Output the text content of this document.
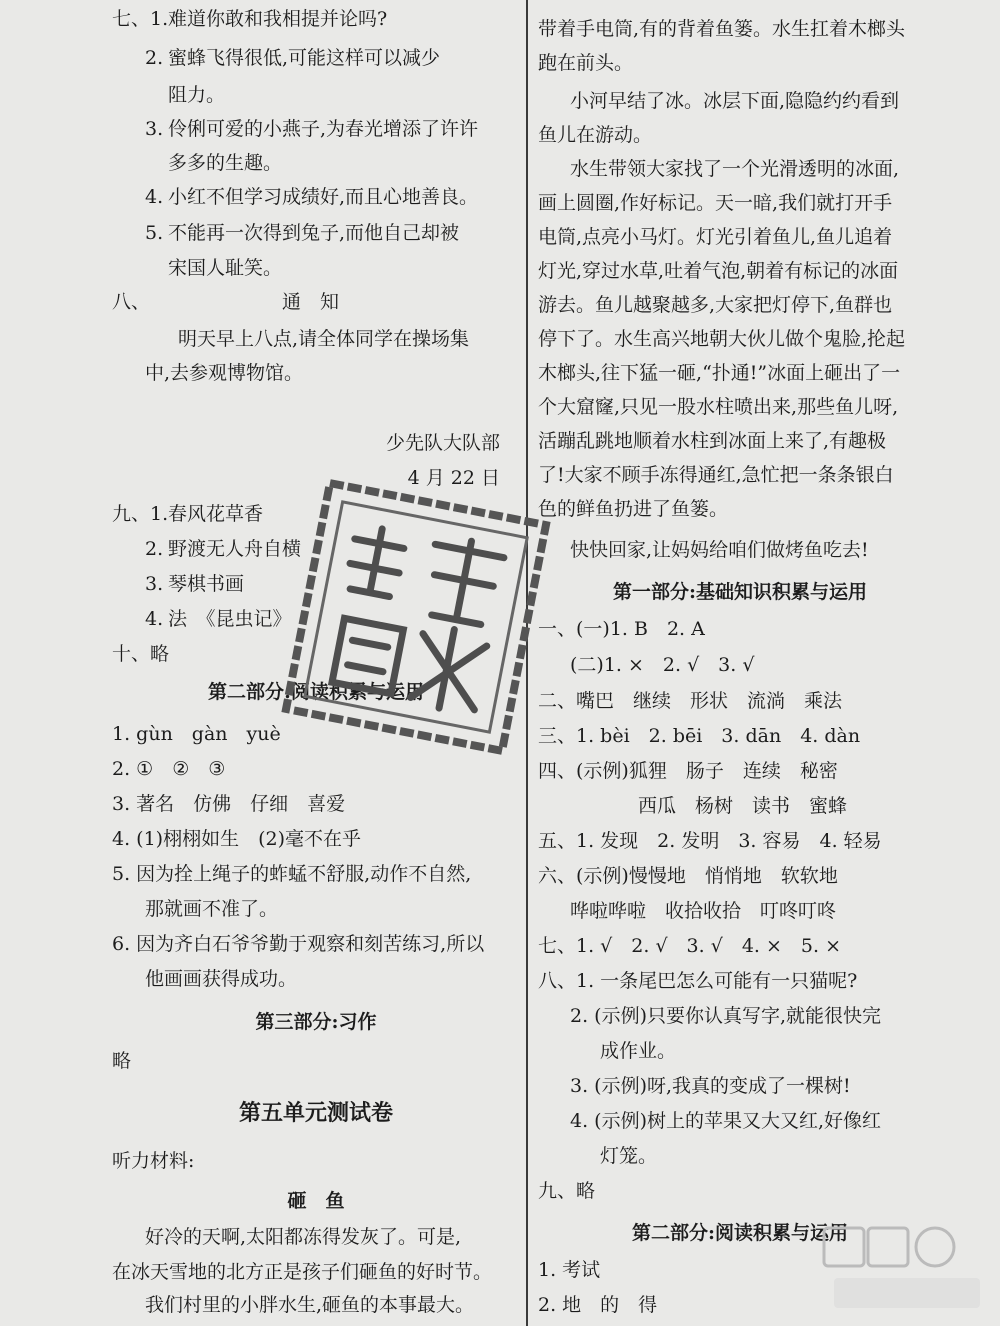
七、1. 难道你敢和我相提并论吗?
2. 蜜蜂飞得很低,可能这样可以减少
阻力。
3. 伶俐可爱的小燕子,为春光增添了许许
多多的生趣。
4. 小红不但学习成绩好,而且心地善良。
5. 不能再一次得到兔子,而他自己却被
宋国人耻笑。
八、	通　知
明天早上八点,请全体同学在操场集
中,去参观博物馆。
少先队大队部
4 月 22 日
九、1. 春风花草香
2. 野渡无人舟自横
3. 琴棋书画
4. 法　《昆虫记》
十、略
第二部分:阅读积累与运用
1. gùn　gàn　yuè
2. ①　②　③
3. 著名　仿佛　仔细　喜爱
4. (1)栩栩如生　(2)毫不在乎
5. 因为拴上绳子的蚱蜢不舒服,动作不自然,
那就画不准了。
6. 因为齐白石爷爷勤于观察和刻苦练习,所以
他画画获得成功。
第三部分:习作
略
第五单元测试卷
听力材料:
砸　鱼
好冷的天啊,太阳都冻得发灰了。可是,
在冰天雪地的北方正是孩子们砸鱼的好时节。
我们村里的小胖水生,砸鱼的本事最大。
带着手电筒,有的背着鱼篓。水生扛着木榔头
跑在前头。
小河早结了冰。冰层下面,隐隐约约看到
鱼儿在游动。
水生带领大家找了一个光滑透明的冰面,
画上圆圈,作好标记。天一暗,我们就打开手
电筒,点亮小马灯。灯光引着鱼儿,鱼儿追着
灯光,穿过水草,吐着气泡,朝着有标记的冰面
游去。鱼儿越聚越多,大家把灯停下,鱼群也
停下了。水生高兴地朝大伙儿做个鬼脸,抡起
木榔头,往下猛一砸,“扑通!”冰面上砸出了一
个大窟窿,只见一股水柱喷出来,那些鱼儿呀,
活蹦乱跳地顺着水柱到冰面上来了,有趣极
了!大家不顾手冻得通红,急忙把一条条银白
色的鲜鱼扔进了鱼篓。
快快回家,让妈妈给咱们做烤鱼吃去!
第一部分:基础知识积累与运用
一、(一)1. B　2. A
(二)1. ×　2. √　3. √
二、嘴巴　继续　形状　流淌　乘法
三、1. bèi　2. bēi　3. dān　4. dàn
四、(示例)狐狸　肠子　连续　秘密
西瓜　杨树　读书　蜜蜂
五、1. 发现　2. 发明　3. 容易　4. 轻易
六、(示例)慢慢地　悄悄地　软软地
哗啦哗啦　收拾收拾　叮咚叮咚
七、1. √　2. √　3. √　4. ×　5. ×
八、1. 一条尾巴怎么可能有一只猫呢?
2. (示例)只要你认真写字,就能很快完
成作业。
3. (示例)呀,我真的变成了一棵树!
4. (示例)树上的苹果又大又红,好像红
灯笼。
九、略
第二部分:阅读积累与运用
1. 考试
2. 地　的　得
